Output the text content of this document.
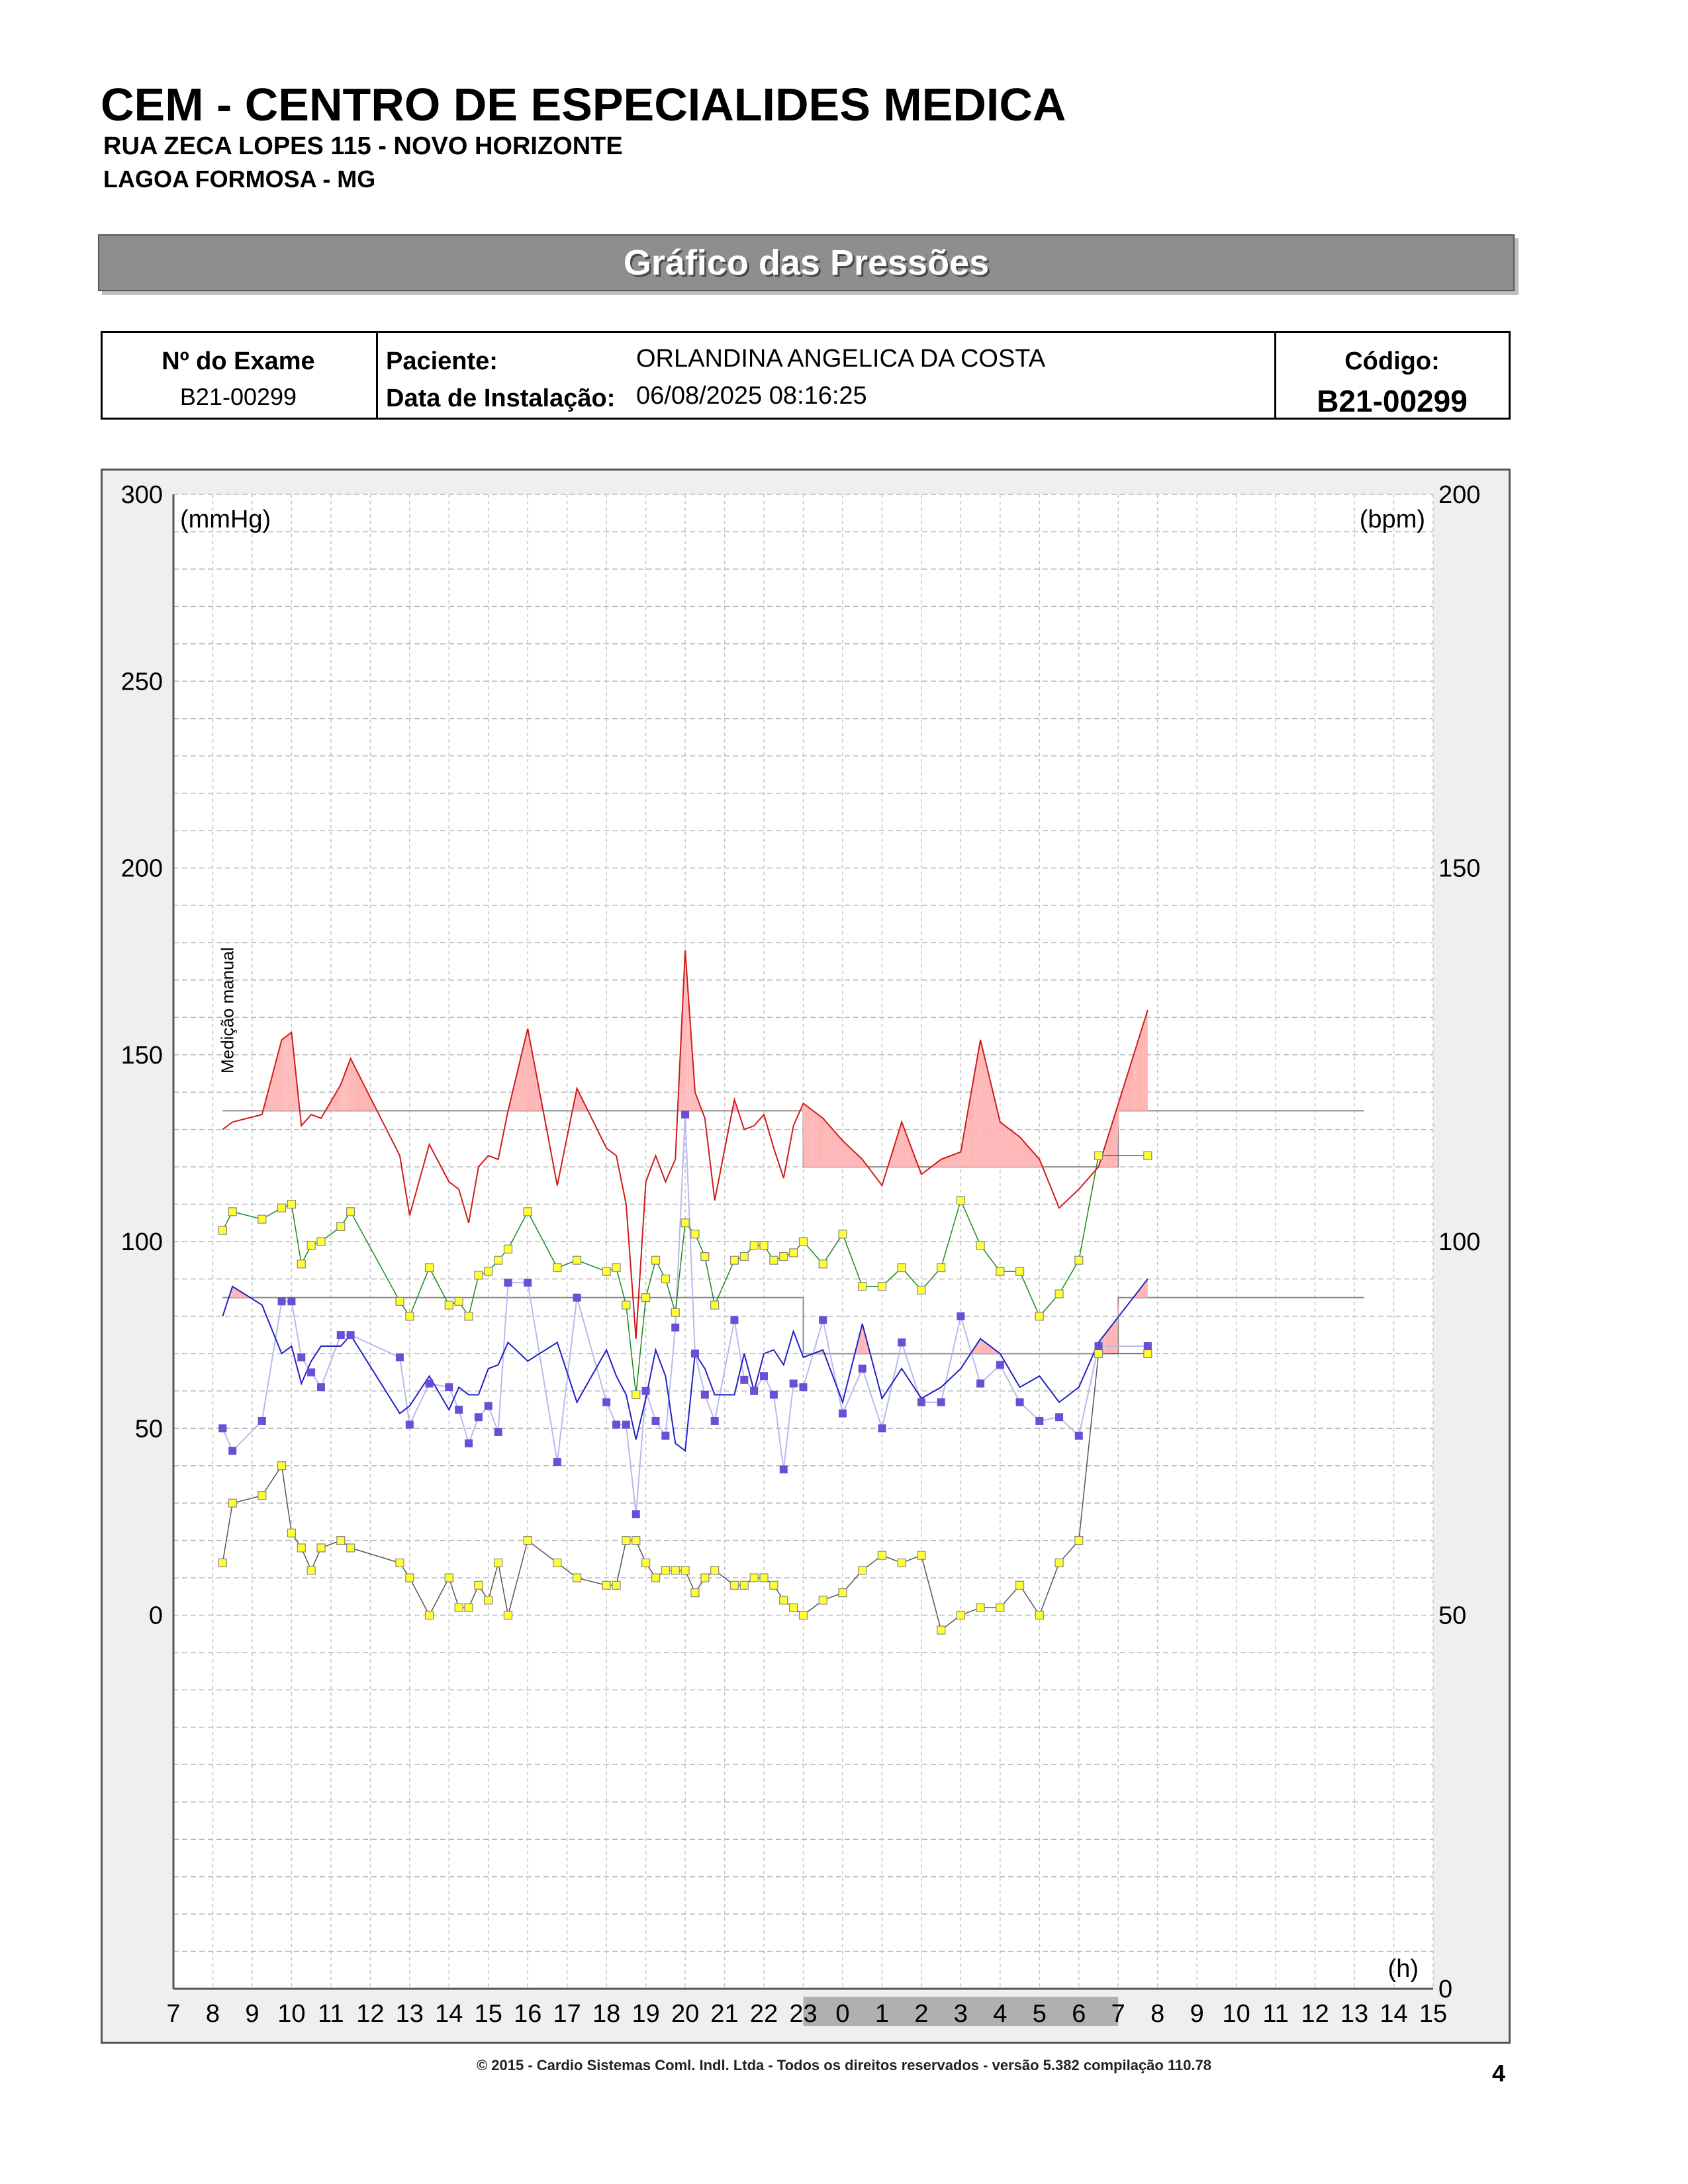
CEM - CENTRO DE ESPECIALIDES MEDICA
RUA ZECA LOPES 115 - NOVO HORIZONTE
LAGOA FORMOSA - MG
Gráfico das Pressões
Nº do Exame
B21-00299
Paciente:	ORLANDINA ANGELICA DA COSTA
Data de Instalação: 06/08/2025 08:16:25
Código:
B21-00299
300
250
200
150
100
50
0
200
150
100
50
0
(mmHg)	(bpm)
(h)
7 8 9 10 11 12 13 14 15 16 17 18 19 20 21 22 23 0 1 2 3 4 5 6 7 8 9 10 11 12 13 14 15
Medição manual
© 2015 - Cardio Sistemas Coml. Indl. Ltda - Todos os direitos reservados - versão 5.382 compilação 110.78	4
